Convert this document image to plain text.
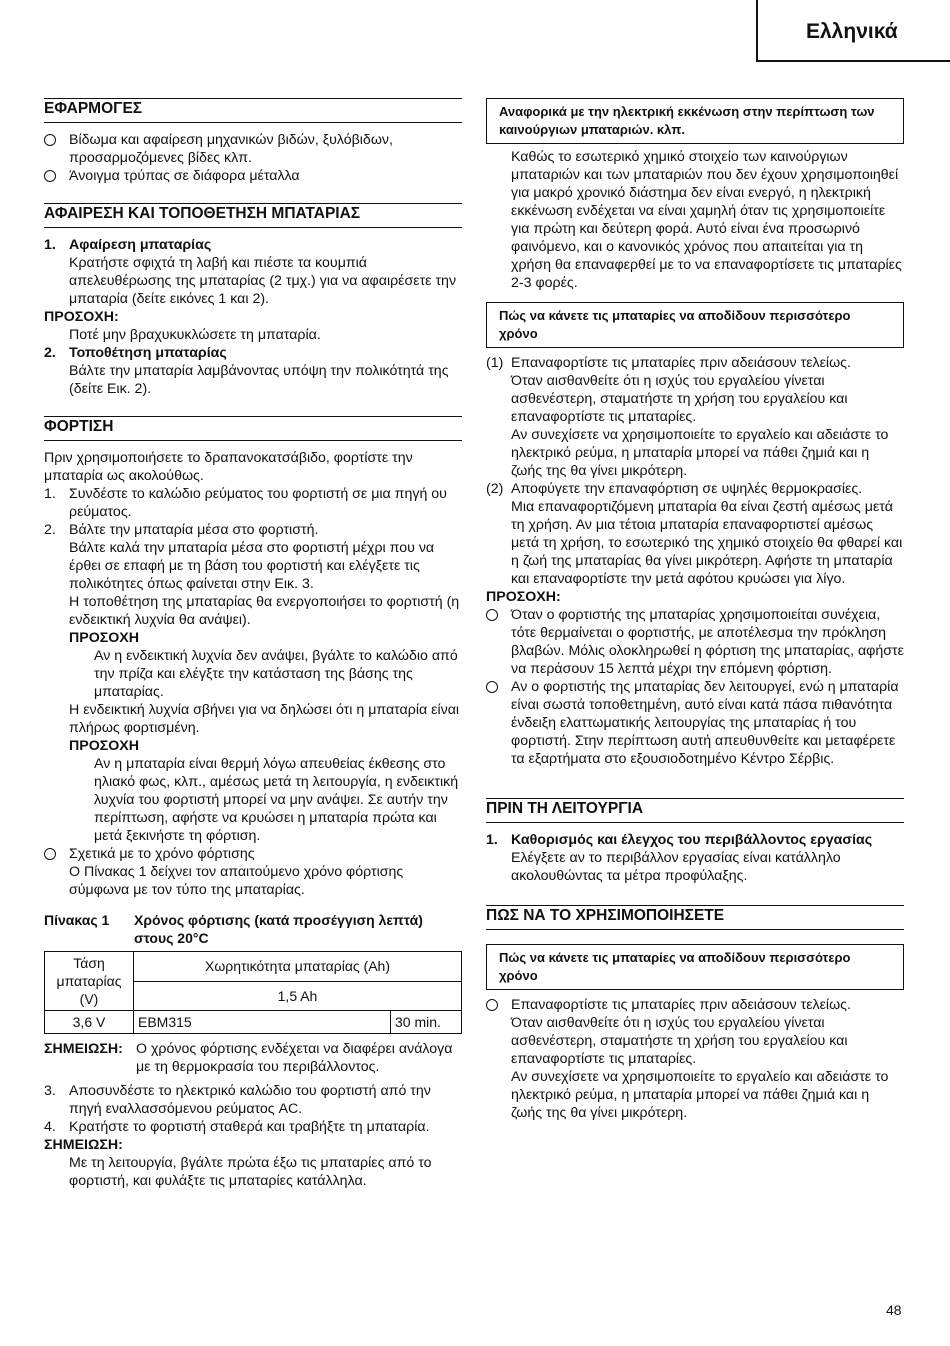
Ελληνικά
ΕΦΑΡΜΟΓΕΣ

Βίδωμα και αφαίρεση μηχανικών βιδών, ξυλόβιδων, προσαρμοζόμενες βίδες κλπ.

Άνοιγμα τρύπας σε διάφορα μέταλλα

ΑΦΑΙΡΕΣΗ ΚΑΙ ΤΟΠΟΘΕΤΗΣΗ ΜΠΑΤΑΡΙΑΣ
1. Αφαίρεση μπαταρίας

Κρατήστε σφιχτά τη λαβή και πιέστε τα κουμπιά απελευθέρωσης της μπαταρίας (2 τμχ.) για να αφαιρέσετε την μπαταρία (δείτε εικόνες 1 και 2).

ΠΡΟΣΟΧΗ:

Ποτέ μην βραχυκυκλώσετε τη μπαταρία.

2. Τοποθέτηση μπαταρίας

Βάλτε την μπαταρία λαμβάνοντας υπόψη την πολικότητά της (δείτε Εικ. 2).

ΦΟΡΤΙΣΗ

Πριν χρησιμοποιήσετε το δραπανοκατσάβιδο, φορτίστε την μπαταρία ως ακολούθως.

1. Συνδέστε το καλώδιο ρεύματος του φορτιστή σε μια πηγή ου ρεύματος.

2. Βάλτε την μπαταρία μέσα στο φορτιστή.

Βάλτε καλά την μπαταρία μέσα στο φορτιστή μέχρι που να έρθει σε επαφή με τη βάση του φορτιστή και ελέγξετε τις πολικότητες όπως φαίνεται στην Εικ. 3.

Η τοποθέτηση της μπαταρίας θα ενεργοποιήσει το φορτιστή (η ενδεικτική λυχνία θα ανάψει).

ΠΡΟΣΟΧΗ

Αν η ενδεικτική λυχνία δεν ανάψει, βγάλτε το καλώδιο από την πρίζα και ελέγξτε την κατάσταση της βάσης της μπαταρίας.

Η ενδεικτική λυχνία σβήνει για να δηλώσει ότι η μπαταρία είναι πλήρως φορτισμένη.

ΠΡΟΣΟΧΗ

Αν η μπαταρία είναι θερμή λόγω απευθείας έκθεσης στο ηλιακό φως, κλπ., αμέσως μετά τη λειτουργία, η ενδεικτική λυχνία του φορτιστή μπορεί να μην ανάψει. Σε αυτήν την περίπτωση, αφήστε να κρυώσει η μπαταρία πρώτα και μετά ξεκινήστε τη φόρτιση.

Σχετικά με το χρόνο φόρτισης

Ο Πίνακας 1 δείχνει τον απαιτούμενο χρόνο φόρτισης σύμφωνα με τον τύπο της μπαταρίας.

Πίνακας 1	Χρόνος φόρτισης (κατά προσέγγιση λεπτά) στους 20°C
Τάση μπαταρίας (V)	Χωρητικότητα μπαταρίας (Ah)	
	1,5 Ah	
3,6 V	EBM315	30 min.
ΣΗΜΕΙΩΣΗ: Ο χρόνος φόρτισης ενδέχεται να διαφέρει ανάλογα με τη θερμοκρασία του περιβάλλοντος.
3. Αποσυνδέστε το ηλεκτρικό καλώδιο του φορτιστή από την πηγή εναλλασσόμενου ρεύματος AC.

4. Κρατήστε το φορτιστή σταθερά και τραβήξτε τη μπαταρία.

ΣΗΜΕΙΩΣΗ:

Με τη λειτουργία, βγάλτε πρώτα έξω τις μπαταρίες από το φορτιστή, και φυλάξτε τις μπαταρίες κατάλληλα.

Αναφορικά με την ηλεκτρική εκκένωση στην περίπτωση των καινούργιων μπαταριών. κλπ.

Καθώς το εσωτερικό χημικό στοιχείο των καινούργιων μπαταριών και των μπαταριών που δεν έχουν χρησιμοποιηθεί για μακρό χρονικό διάστημα δεν είναι ενεργό, η ηλεκτρική εκκένωση ενδέχεται να είναι χαμηλή όταν τις χρησιμοποιείτε για πρώτη και δεύτερη φορά. Αυτό είναι ένα προσωρινό φαινόμενο, και ο κανονικός χρόνος που απαιτείται για τη χρήση θα επαναφερθεί με το να επαναφορτίσετε τις μπαταρίες 2-3 φορές.

Πώς να κάνετε τις μπαταρίες να αποδίδουν περισσότερο χρόνο
(1) Επαναφορτίστε τις μπαταρίες πριν αδειάσουν τελείως.

Όταν αισθανθείτε ότι η ισχύς του εργαλείου γίνεται ασθενέστερη, σταματήστε τη χρήση του εργαλείου και επαναφορτίστε τις μπαταρίες.

Αν συνεχίσετε να χρησιμοποιείτε το εργαλείο και αδειάστε το ηλεκτρικό ρεύμα, η μπαταρία μπορεί να πάθει ζημιά και η ζωής της θα γίνει μικρότερη.

(2) Αποφύγετε την επαναφόρτιση σε υψηλές θερμοκρασίες.

Μια επαναφορτιζόμενη μπαταρία θα είναι ζεστή αμέσως μετά τη χρήση. Αν μια τέτοια μπαταρία επαναφορτιστεί αμέσως μετά τη χρήση, το εσωτερικό της χημικό στοιχείο θα φθαρεί και η ζωή της μπαταρίας θα γίνει μικρότερη. Αφήστε τη μπαταρία και επαναφορτίστε την μετά αφότου κρυώσει για λίγο.

ΠΡΟΣΟΧΗ:

Όταν ο φορτιστής της μπαταρίας χρησιμοποιείται συνέχεια, τότε θερμαίνεται ο φορτιστής, με αποτέλεσμα την πρόκληση βλαβών. Μόλις ολοκληρωθεί η φόρτιση της μπαταρίας, αφήστε να περάσουν 15 λεπτά μέχρι την επόμενη φόρτιση.

Αν ο φορτιστής της μπαταρίας δεν λειτουργεί, ενώ η μπαταρία είναι σωστά τοποθετημένη, αυτό είναι κατά πάσα πιθανότητα ένδειξη ελαττωματικής λειτουργίας της μπαταρίας ή του φορτιστή. Στην περίπτωση αυτή απευθυνθείτε και μεταφέρετε τα εξαρτήματα στο εξουσιοδοτημένο Κέντρο Σέρβις.

ΠΡΙΝ ΤΗ ΛΕΙΤΟΥΡΓΙΑ
1. Καθορισμός και έλεγχος του περιβάλλοντος εργασίας

Ελέγξετε αν το περιβάλλον εργασίας είναι κατάλληλο ακολουθώντας τα μέτρα προφύλαξης.

ΠΩΣ ΝΑ ΤΟ ΧΡΗΣΙΜΟΠΟΙΗΣΕΤΕ
Πώς να κάνετε τις μπαταρίες να αποδίδουν περισσότερο χρόνο

Επαναφορτίστε τις μπαταρίες πριν αδειάσουν τελείως.

Όταν αισθανθείτε ότι η ισχύς του εργαλείου γίνεται ασθενέστερη, σταματήστε τη χρήση του εργαλείου και επαναφορτίστε τις μπαταρίες.

Αν συνεχίσετε να χρησιμοποιείτε το εργαλείο και αδειάστε το ηλεκτρικό ρεύμα, η μπαταρία μπορεί να πάθει ζημιά και η ζωής της θα γίνει μικρότερη.

48
